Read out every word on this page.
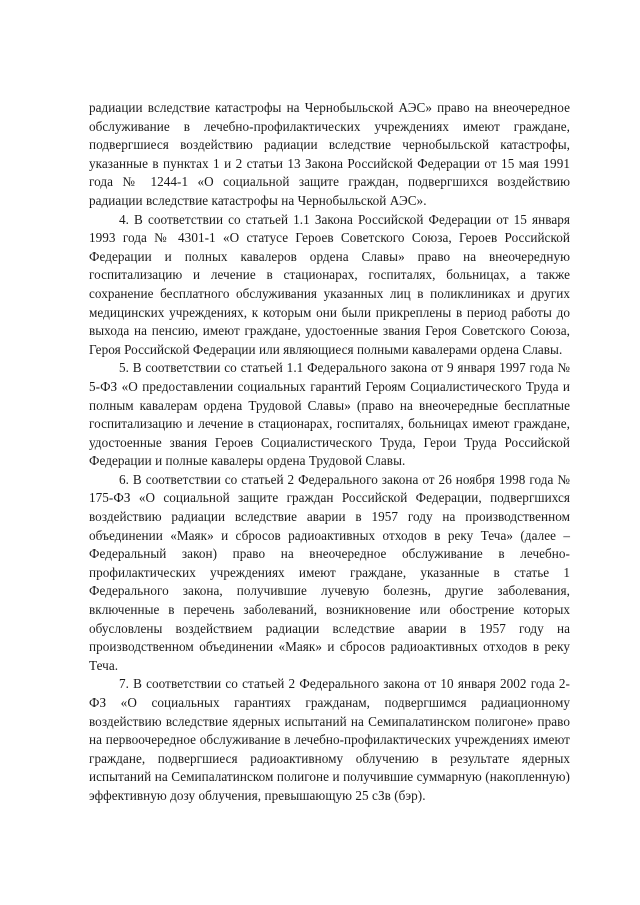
радиации вследствие катастрофы на Чернобыльской АЭС» право на внеочередное обслуживание в лечебно-профилактических учреждениях имеют граждане, подвергшиеся воздействию радиации вследствие чернобыльской катастрофы, указанные в пунктах 1 и 2 статьи 13 Закона Российской Федерации от 15 мая 1991 года № 1244-1 «О социальной защите граждан, подвергшихся воздействию радиации вследствие катастрофы на Чернобыльской АЭС».

4. В соответствии со статьей 1.1 Закона Российской Федерации от 15 января 1993 года № 4301-1 «О статусе Героев Советского Союза, Героев Российской Федерации и полных кавалеров ордена Славы» право на внеочередную госпитализацию и лечение в стационарах, госпиталях, больницах, а также сохранение бесплатного обслуживания указанных лиц в поликлиниках и других медицинских учреждениях, к которым они были прикреплены в период работы до выхода на пенсию, имеют граждане, удостоенные звания Героя Советского Союза, Героя Российской Федерации или являющиеся полными кавалерами ордена Славы.

5. В соответствии со статьей 1.1 Федерального закона от 9 января 1997 года № 5-ФЗ «О предоставлении социальных гарантий Героям Социалистического Труда и полным кавалерам ордена Трудовой Славы» (право на внеочередные бесплатные госпитализацию и лечение в стационарах, госпиталях, больницах имеют граждане, удостоенные звания Героев Социалистического Труда, Герои Труда Российской Федерации и полные кавалеры ордена Трудовой Славы.

6. В соответствии со статьей 2 Федерального закона от 26 ноября 1998 года № 175-ФЗ «О социальной защите граждан Российской Федерации, подвергшихся воздействию радиации вследствие аварии в 1957 году на производственном объединении «Маяк» и сбросов радиоактивных отходов в реку Теча» (далее – Федеральный закон) право на внеочередное обслуживание в лечебно-профилактических учреждениях имеют граждане, указанные в статье 1 Федерального закона, получившие лучевую болезнь, другие заболевания, включенные в перечень заболеваний, возникновение или обострение которых обусловлены воздействием радиации вследствие аварии в 1957 году на производственном объединении «Маяк» и сбросов радиоактивных отходов в реку Теча.

7. В соответствии со статьей 2 Федерального закона от 10 января 2002 года 2-ФЗ «О социальных гарантиях гражданам, подвергшимся радиационному воздействию вследствие ядерных испытаний на Семипалатинском полигоне» право на первоочередное обслуживание в лечебно-профилактических учреждениях имеют граждане, подвергшиеся радиоактивному облучению в результате ядерных испытаний на Семипалатинском полигоне и получившие суммарную (накопленную) эффективную дозу облучения, превышающую 25 сЗв (бэр).
